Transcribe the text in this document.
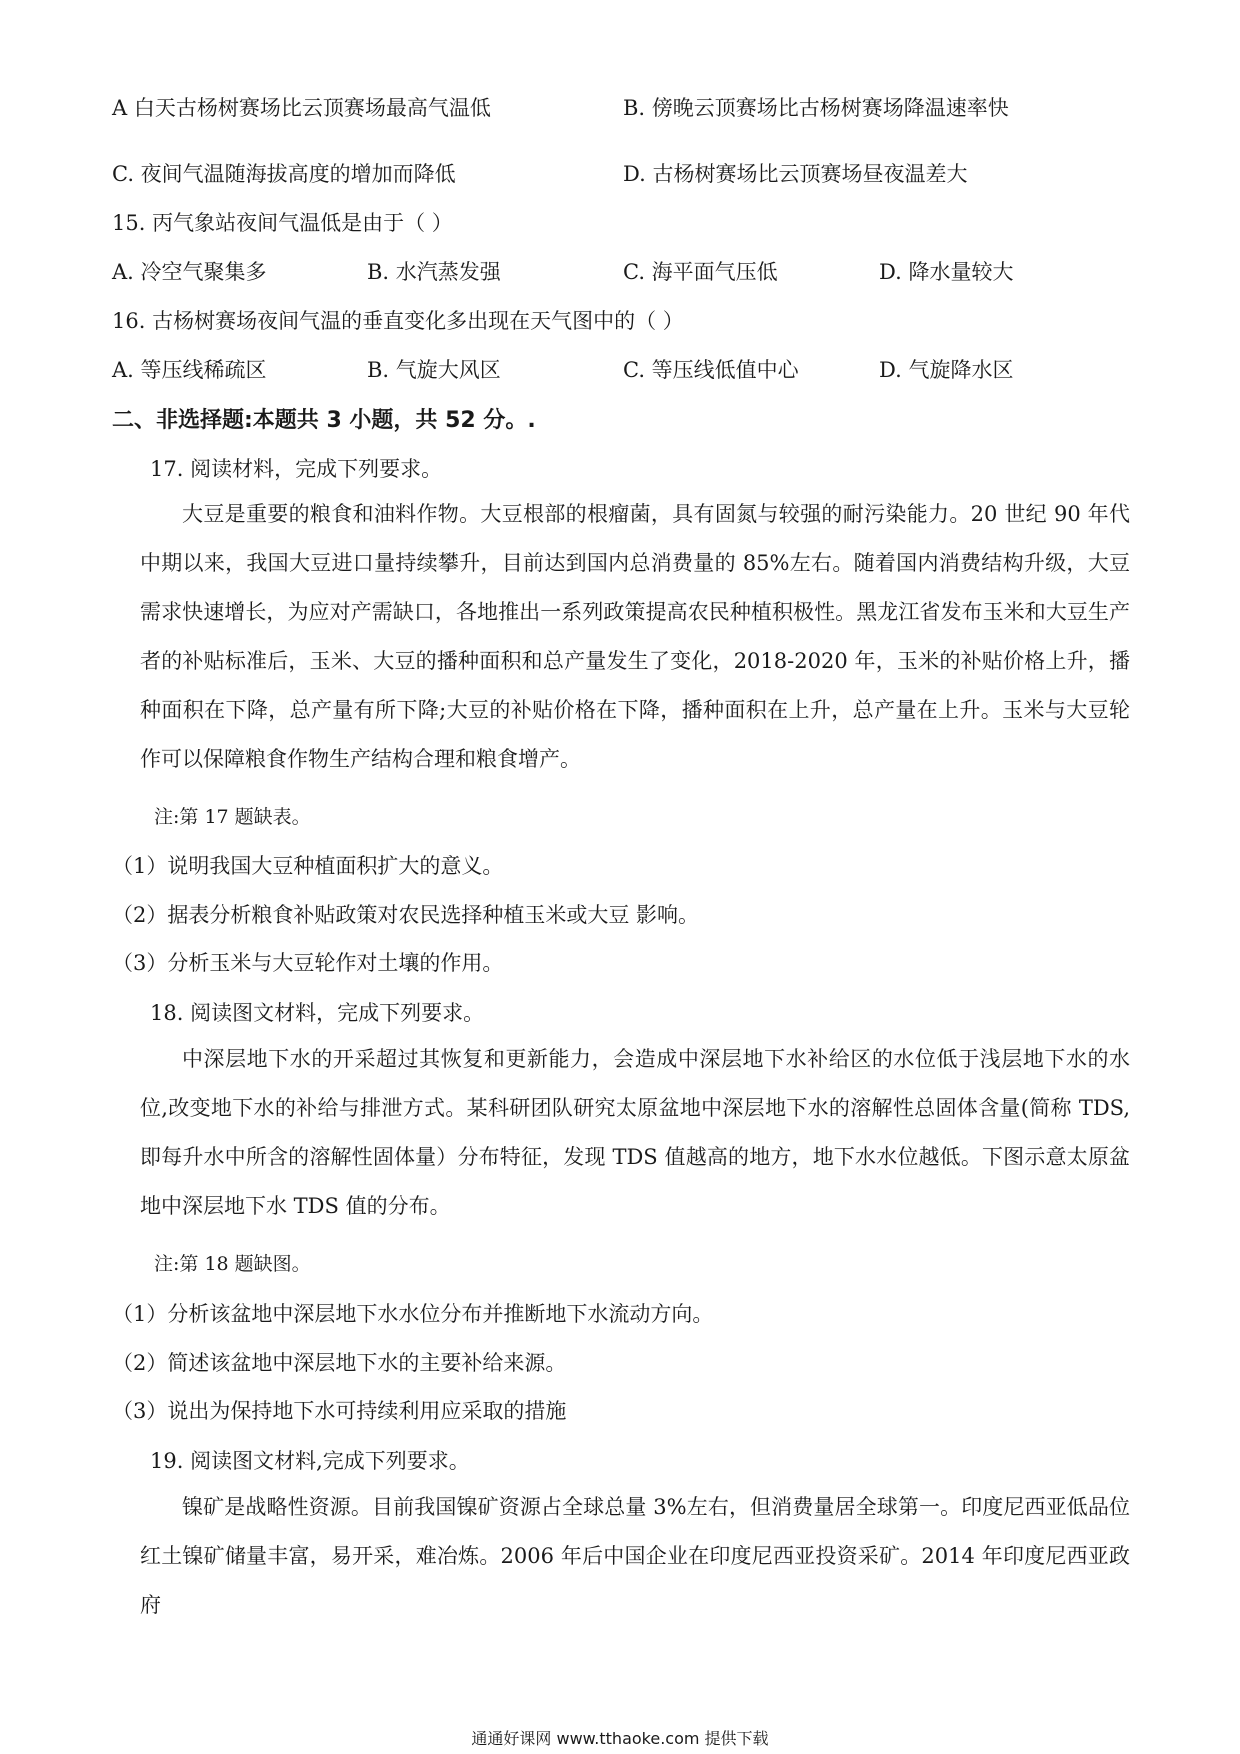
A 白天古杨树赛场比云顶赛场最高气温低	B. 傍晚云顶赛场比古杨树赛场降温速率快
C. 夜间气温随海拔高度的增加而降低	D. 古杨树赛场比云顶赛场昼夜温差大
15. 丙气象站夜间气温低是由于（ ）
A. 冷空气聚集多	B. 水汽蒸发强	C. 海平面气压低	D. 降水量较大
16. 古杨树赛场夜间气温的垂直变化多出现在天气图中的（ ）
A. 等压线稀疏区	B. 气旋大风区	C. 等压线低值中心	D. 气旋降水区
二、非选择题:本题共 3 小题，共 52 分。.
17. 阅读材料，完成下列要求。
大豆是重要的粮食和油料作物。大豆根部的根瘤菌，具有固氮与较强的耐污染能力。20 世纪 90 年代中期以来，我国大豆进口量持续攀升，目前达到国内总消费量的 85%左右。随着国内消费结构升级，大豆需求快速增长，为应对产需缺口，各地推出一系列政策提高农民种植积极性。黑龙江省发布玉米和大豆生产者的补贴标准后，玉米、大豆的播种面积和总产量发生了变化，2018-2020 年，玉米的补贴价格上升，播种面积在下降，总产量有所下降;大豆的补贴价格在下降，播种面积在上升，总产量在上升。玉米与大豆轮作可以保障粮食作物生产结构合理和粮食增产。
注:第 17 题缺表。
（1）说明我国大豆种植面积扩大的意义。
（2）据表分析粮食补贴政策对农民选择种植玉米或大豆 影响。
（3）分析玉米与大豆轮作对土壤的作用。
18. 阅读图文材料，完成下列要求。
中深层地下水的开采超过其恢复和更新能力，会造成中深层地下水补给区的水位低于浅层地下水的水位,改变地下水的补给与排泄方式。某科研团队研究太原盆地中深层地下水的溶解性总固体含量(简称 TDS,即每升水中所含的溶解性固体量）分布特征，发现 TDS 值越高的地方，地下水水位越低。下图示意太原盆地中深层地下水 TDS 值的分布。
注:第 18 题缺图。
（1）分析该盆地中深层地下水水位分布并推断地下水流动方向。
（2）简述该盆地中深层地下水的主要补给来源。
（3）说出为保持地下水可持续利用应采取的措施
19. 阅读图文材料,完成下列要求。
镍矿是战略性资源。目前我国镍矿资源占全球总量 3%左右，但消费量居全球第一。印度尼西亚低品位红土镍矿储量丰富，易开采，难冶炼。2006 年后中国企业在印度尼西亚投资采矿。2014 年印度尼西亚政府
通通好课网 www.tthaoke.com 提供下载
